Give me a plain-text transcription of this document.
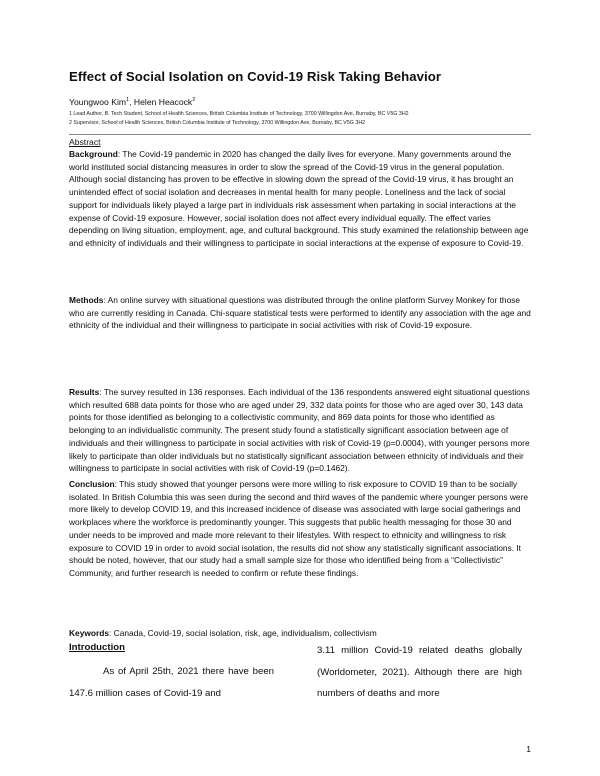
Effect of Social Isolation on Covid-19 Risk Taking Behavior
Youngwoo Kim$^1$, Helen Heacock$^2$
1 Lead Author, B. Tech Student, School of Health Sciences, British Columbia Institute of Technology, 3700 Willingdon Ave, Burnaby, BC V5G 3H2
2 Supervisor, School of Health Sciences, British Columbia Institute of Technology, 3700 Willingdon Ave, Burnaby, BC V5G 3H2
Abstract
Background: The Covid-19 pandemic in 2020 has changed the daily lives for everyone. Many governments around the world instituted social distancing measures in order to slow the spread of the Covid-19 virus in the general population. Although social distancing has proven to be effective in slowing down the spread of the Covid-19 virus, it has brought an unintended effect of social isolation and decreases in mental health for many people. Loneliness and the lack of social support for individuals likely played a large part in individuals risk assessment when partaking in social interactions at the expense of Covid-19 exposure. However, social isolation does not affect every individual equally. The effect varies depending on living situation, employment, age, and cultural background. This study examined the relationship between age and ethnicity of individuals and their willingness to participate in social interactions at the expense of exposure to Covid-19.
Methods: An online survey with situational questions was distributed through the online platform Survey Monkey for those who are currently residing in Canada. Chi-square statistical tests were performed to identify any association with the age and ethnicity of the individual and their willingness to participate in social activities with risk of Covid-19 exposure.
Results: The survey resulted in 136 responses. Each individual of the 136 respondents answered eight situational questions which resulted 688 data points for those who are aged under 29, 332 data points for those who are aged over 30, 143 data points for those identified as belonging to a collectivistic community, and 869 data points for those who identified as belonging to an individualistic community. The present study found a statistically significant association between age of individuals and their willingness to participate in social activities with risk of Covid-19 (p=0.0004), with younger persons more likely to participate than older individuals but no statistically significant association between ethnicity of individuals and their willingness to participate in social activities with risk of Covid-19 (p=0.1462).
Conclusion: This study showed that younger persons were more willing to risk exposure to COVID 19 than to be socially isolated. In British Columbia this was seen during the second and third waves of the pandemic where younger persons were more likely to develop COVID 19, and this increased incidence of disease was associated with large social gatherings and workplaces where the workforce is predominantly younger. This suggests that public health messaging for those 30 and under needs to be improved and made more relevant to their lifestyles. With respect to ethnicity and willingness to risk exposure to COVID 19 in order to avoid social isolation, the results did not show any statistically significant associations. It should be noted, however, that our study had a small sample size for those who identified being from a “Collectivistic” Community, and further research is needed to confirm or refute these findings.
Keywords: Canada, Covid-19, social isolation, risk, age, individualism, collectivism
Introduction
As of April 25th, 2021 there have been 147.6 million cases of Covid-19 and
3.11 million Covid-19 related deaths globally (Worldometer, 2021). Although there are high numbers of deaths and more
1
